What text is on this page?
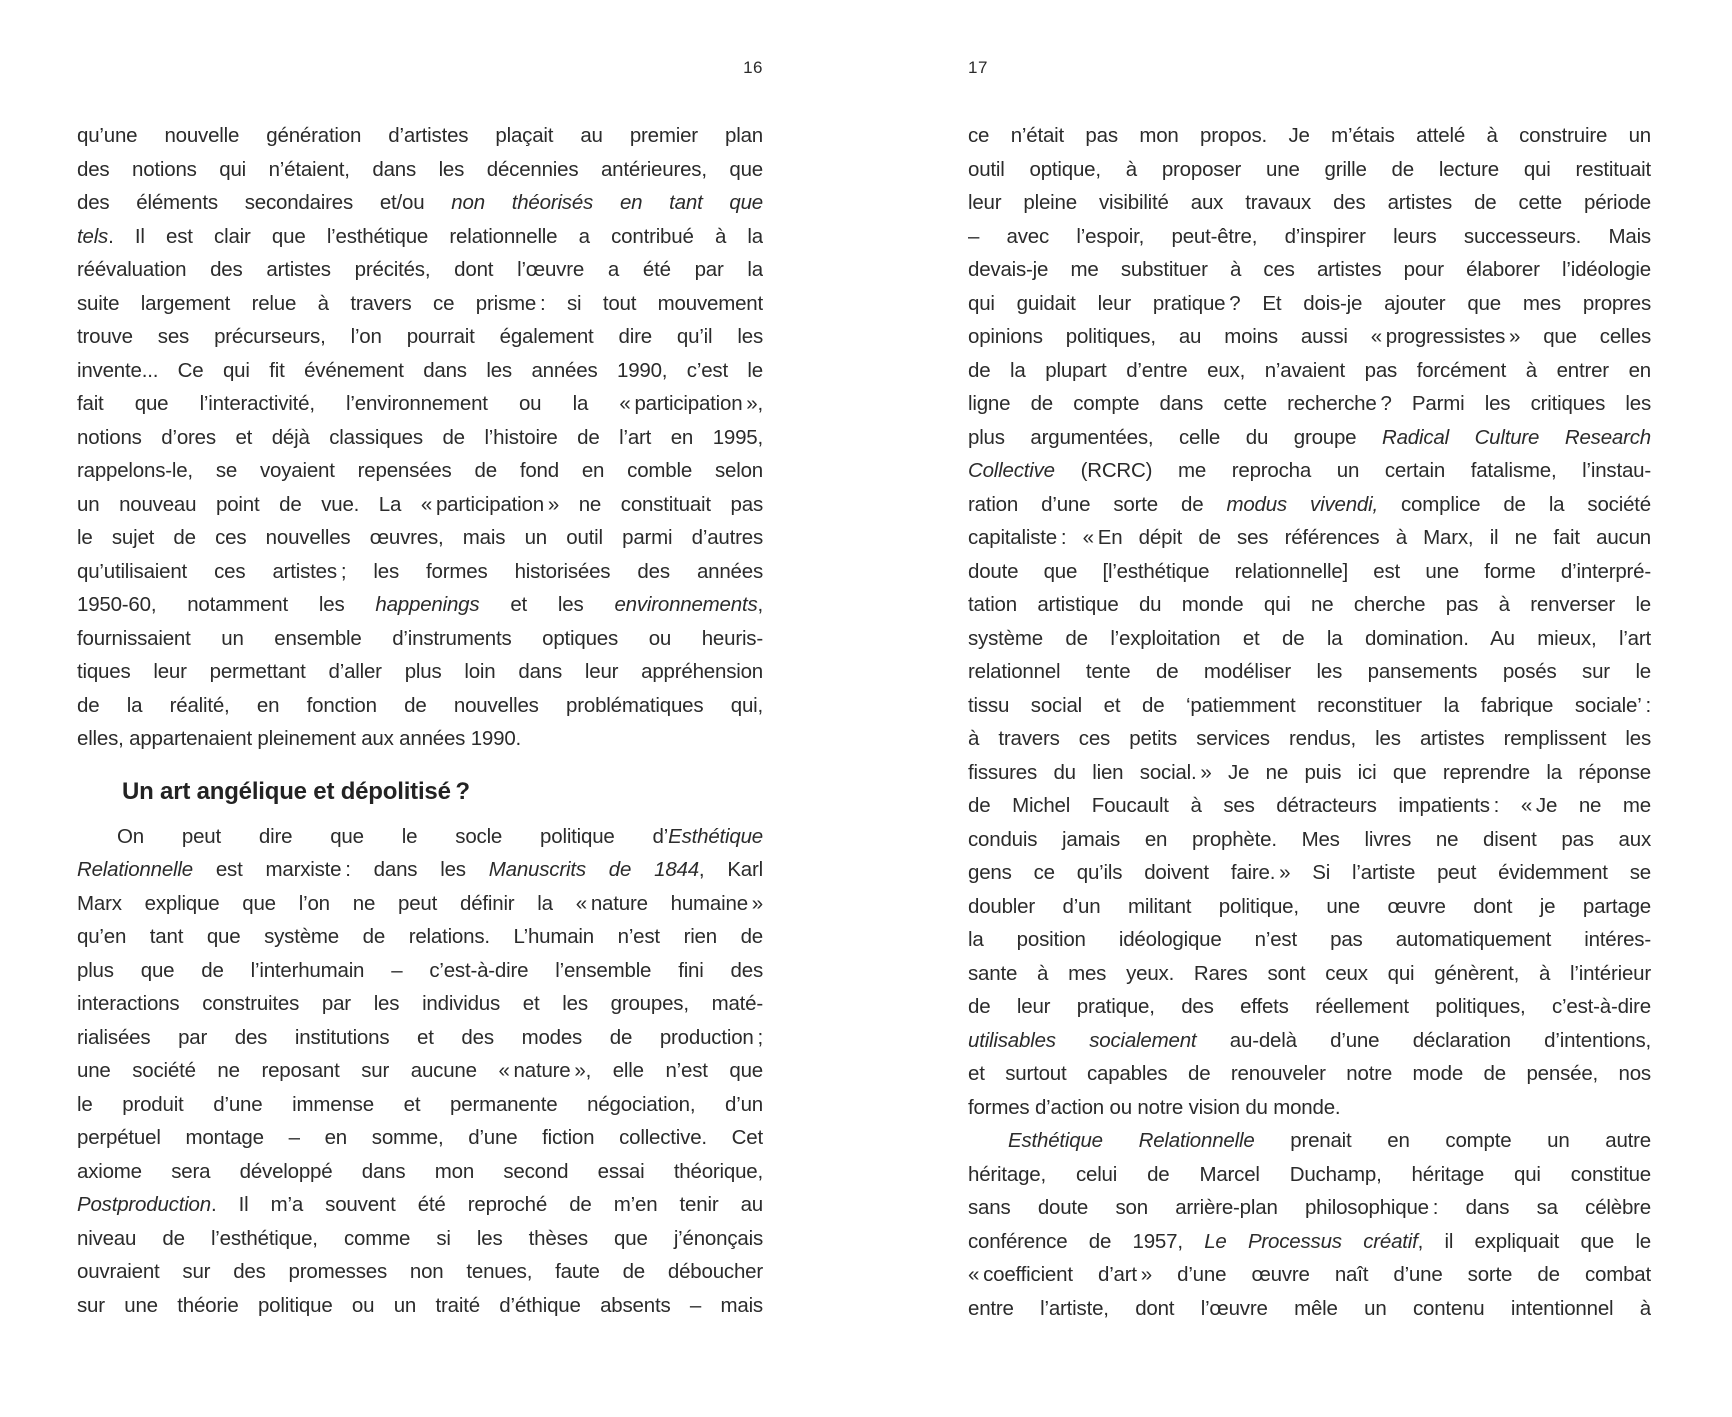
16	17
qu’une nouvelle génération d’artistes plaçait au premier plan
des notions qui n’étaient, dans les décennies antérieures, que
des éléments secondaires et/ou non théorisés en tant que
tels. Il est clair que l’esthétique relationnelle a contribué à la
réévaluation des artistes précités, dont l’œuvre a été par la
suite largement relue à travers ce prisme : si tout mouvement
trouve ses précurseurs, l’on pourrait également dire qu’il les
invente... Ce qui fit événement dans les années 1990, c’est le
fait que l’interactivité, l’environnement ou la « participation »,
notions d’ores et déjà classiques de l’histoire de l’art en 1995,
rappelons-le, se voyaient repensées de fond en comble selon
un nouveau point de vue. La « participation » ne constituait pas
le sujet de ces nouvelles œuvres, mais un outil parmi d’autres
qu’utilisaient ces artistes ; les formes historisées des années
1950-60, notamment les happenings et les environnements,
fournissaient un ensemble d’instruments optiques ou heuris-
tiques leur permettant d’aller plus loin dans leur appréhension
de la réalité, en fonction de nouvelles problématiques qui,
elles, appartenaient pleinement aux années 1990.
Un art angélique et dépolitisé ?
On peut dire que le socle politique d’Esthétique
Relationnelle est marxiste : dans les Manuscrits de 1844, Karl
Marx explique que l’on ne peut définir la « nature humaine »
qu’en tant que système de relations. L’humain n’est rien de
plus que de l’interhumain – c’est-à-dire l’ensemble fini des
interactions construites par les individus et les groupes, maté-
rialisées par des institutions et des modes de production ;
une société ne reposant sur aucune « nature », elle n’est que
le produit d’une immense et permanente négociation, d’un
perpétuel montage – en somme, d’une fiction collective. Cet
axiome sera développé dans mon second essai théorique,
Postproduction. Il m’a souvent été reproché de m’en tenir au
niveau de l’esthétique, comme si les thèses que j’énonçais
ouvraient sur des promesses non tenues, faute de déboucher
sur une théorie politique ou un traité d’éthique absents – mais
ce n’était pas mon propos. Je m’étais attelé à construire un
outil optique, à proposer une grille de lecture qui restituait
leur pleine visibilité aux travaux des artistes de cette période
– avec l’espoir, peut-être, d’inspirer leurs successeurs. Mais
devais-je me substituer à ces artistes pour élaborer l’idéologie
qui guidait leur pratique ? Et dois-je ajouter que mes propres
opinions politiques, au moins aussi « progressistes » que celles
de la plupart d’entre eux, n’avaient pas forcément à entrer en
ligne de compte dans cette recherche ? Parmi les critiques les
plus argumentées, celle du groupe Radical Culture Research
Collective (RCRC) me reprocha un certain fatalisme, l’instau-
ration d’une sorte de modus vivendi, complice de la société
capitaliste : « En dépit de ses références à Marx, il ne fait aucun
doute que [l’esthétique relationnelle] est une forme d’interpré-
tation artistique du monde qui ne cherche pas à renverser le
système de l’exploitation et de la domination. Au mieux, l’art
relationnel tente de modéliser les pansements posés sur le
tissu social et de ‘patiemment reconstituer la fabrique sociale’ :
à travers ces petits services rendus, les artistes remplissent les
fissures du lien social. » Je ne puis ici que reprendre la réponse
de Michel Foucault à ses détracteurs impatients : « Je ne me
conduis jamais en prophète. Mes livres ne disent pas aux
gens ce qu’ils doivent faire. » Si l’artiste peut évidemment se
doubler d’un militant politique, une œuvre dont je partage
la position idéologique n’est pas automatiquement intéres-
sante à mes yeux. Rares sont ceux qui génèrent, à l’intérieur
de leur pratique, des effets réellement politiques, c’est-à-dire
utilisables socialement au-delà d’une déclaration d’intentions,
et surtout capables de renouveler notre mode de pensée, nos
formes d’action ou notre vision du monde.
Esthétique Relationnelle prenait en compte un autre
héritage, celui de Marcel Duchamp, héritage qui constitue
sans doute son arrière-plan philosophique : dans sa célèbre
conférence de 1957, Le Processus créatif, il expliquait que le
« coefficient d’art » d’une œuvre naît d’une sorte de combat
entre l’artiste, dont l’œuvre mêle un contenu intentionnel à
